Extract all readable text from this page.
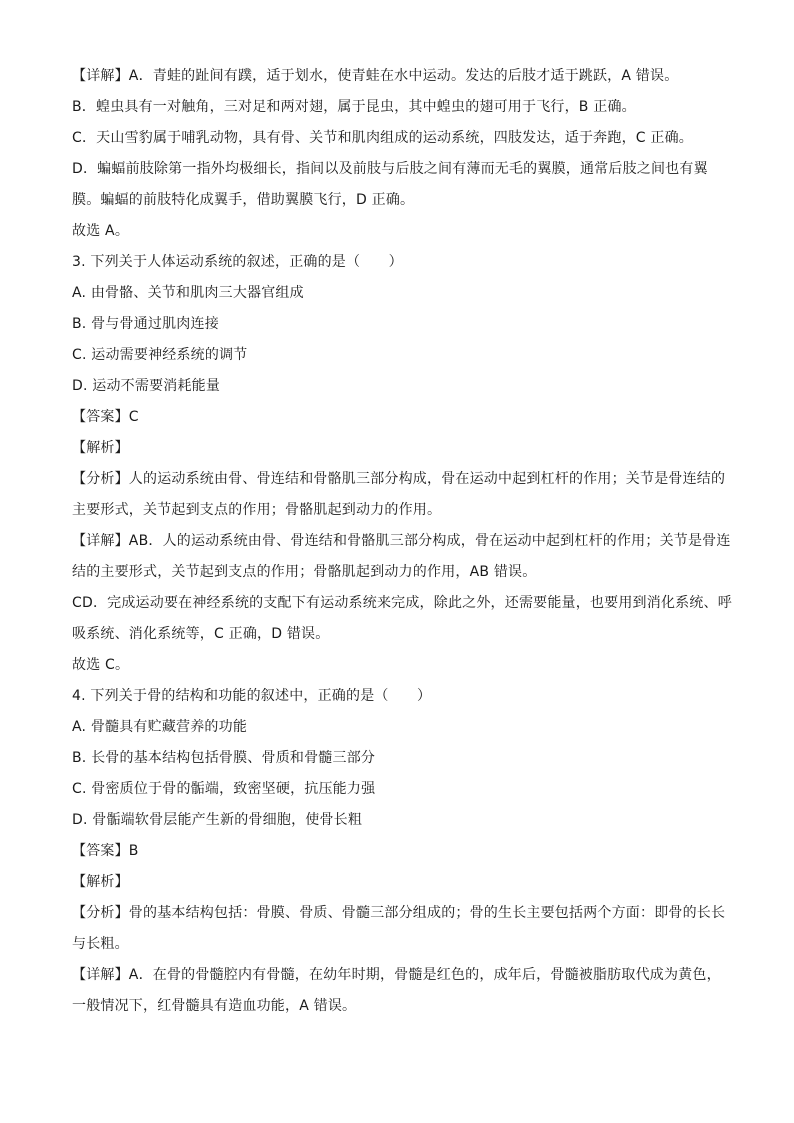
【详解】A．青蛙的趾间有蹼，适于划水，使青蛙在水中运动。发达的后肢才适于跳跃，A 错误。
B．蝗虫具有一对触角，三对足和两对翅，属于昆虫，其中蝗虫的翅可用于飞行，B 正确。
C．天山雪豹属于哺乳动物，具有骨、关节和肌肉组成的运动系统，四肢发达，适于奔跑，C 正确。
D．蝙蝠前肢除第一指外均极细长，指间以及前肢与后肢之间有薄而无毛的翼膜，通常后肢之间也有翼
膜。蝙蝠的前肢特化成翼手，借助翼膜飞行，D 正确。
故选 A。
3. 下列关于人体运动系统的叙述，正确的是（　　）
A. 由骨骼、关节和肌肉三大器官组成
B. 骨与骨通过肌肉连接
C. 运动需要神经系统的调节
D. 运动不需要消耗能量
【答案】C
【解析】
【分析】人的运动系统由骨、骨连结和骨骼肌三部分构成，骨在运动中起到杠杆的作用；关节是骨连结的
主要形式，关节起到支点的作用；骨骼肌起到动力的作用。
【详解】AB．人的运动系统由骨、骨连结和骨骼肌三部分构成，骨在运动中起到杠杆的作用；关节是骨连
结的主要形式，关节起到支点的作用；骨骼肌起到动力的作用，AB 错误。
CD．完成运动要在神经系统的支配下有运动系统来完成，除此之外，还需要能量，也要用到消化系统、呼
吸系统、消化系统等，C 正确，D 错误。
故选 C。
4. 下列关于骨的结构和功能的叙述中，正确的是（　　）
A. 骨髓具有贮藏营养的功能
B. 长骨的基本结构包括骨膜、骨质和骨髓三部分
C. 骨密质位于骨的骺端，致密坚硬，抗压能力强
D. 骨骺端软骨层能产生新的骨细胞，使骨长粗
【答案】B
【解析】
【分析】骨的基本结构包括：骨膜、骨质、骨髓三部分组成的；骨的生长主要包括两个方面：即骨的长长
与长粗。
【详解】A．在骨的骨髓腔内有骨髓，在幼年时期，骨髓是红色的，成年后，骨髓被脂肪取代成为黄色，
一般情况下，红骨髓具有造血功能，A 错误。
